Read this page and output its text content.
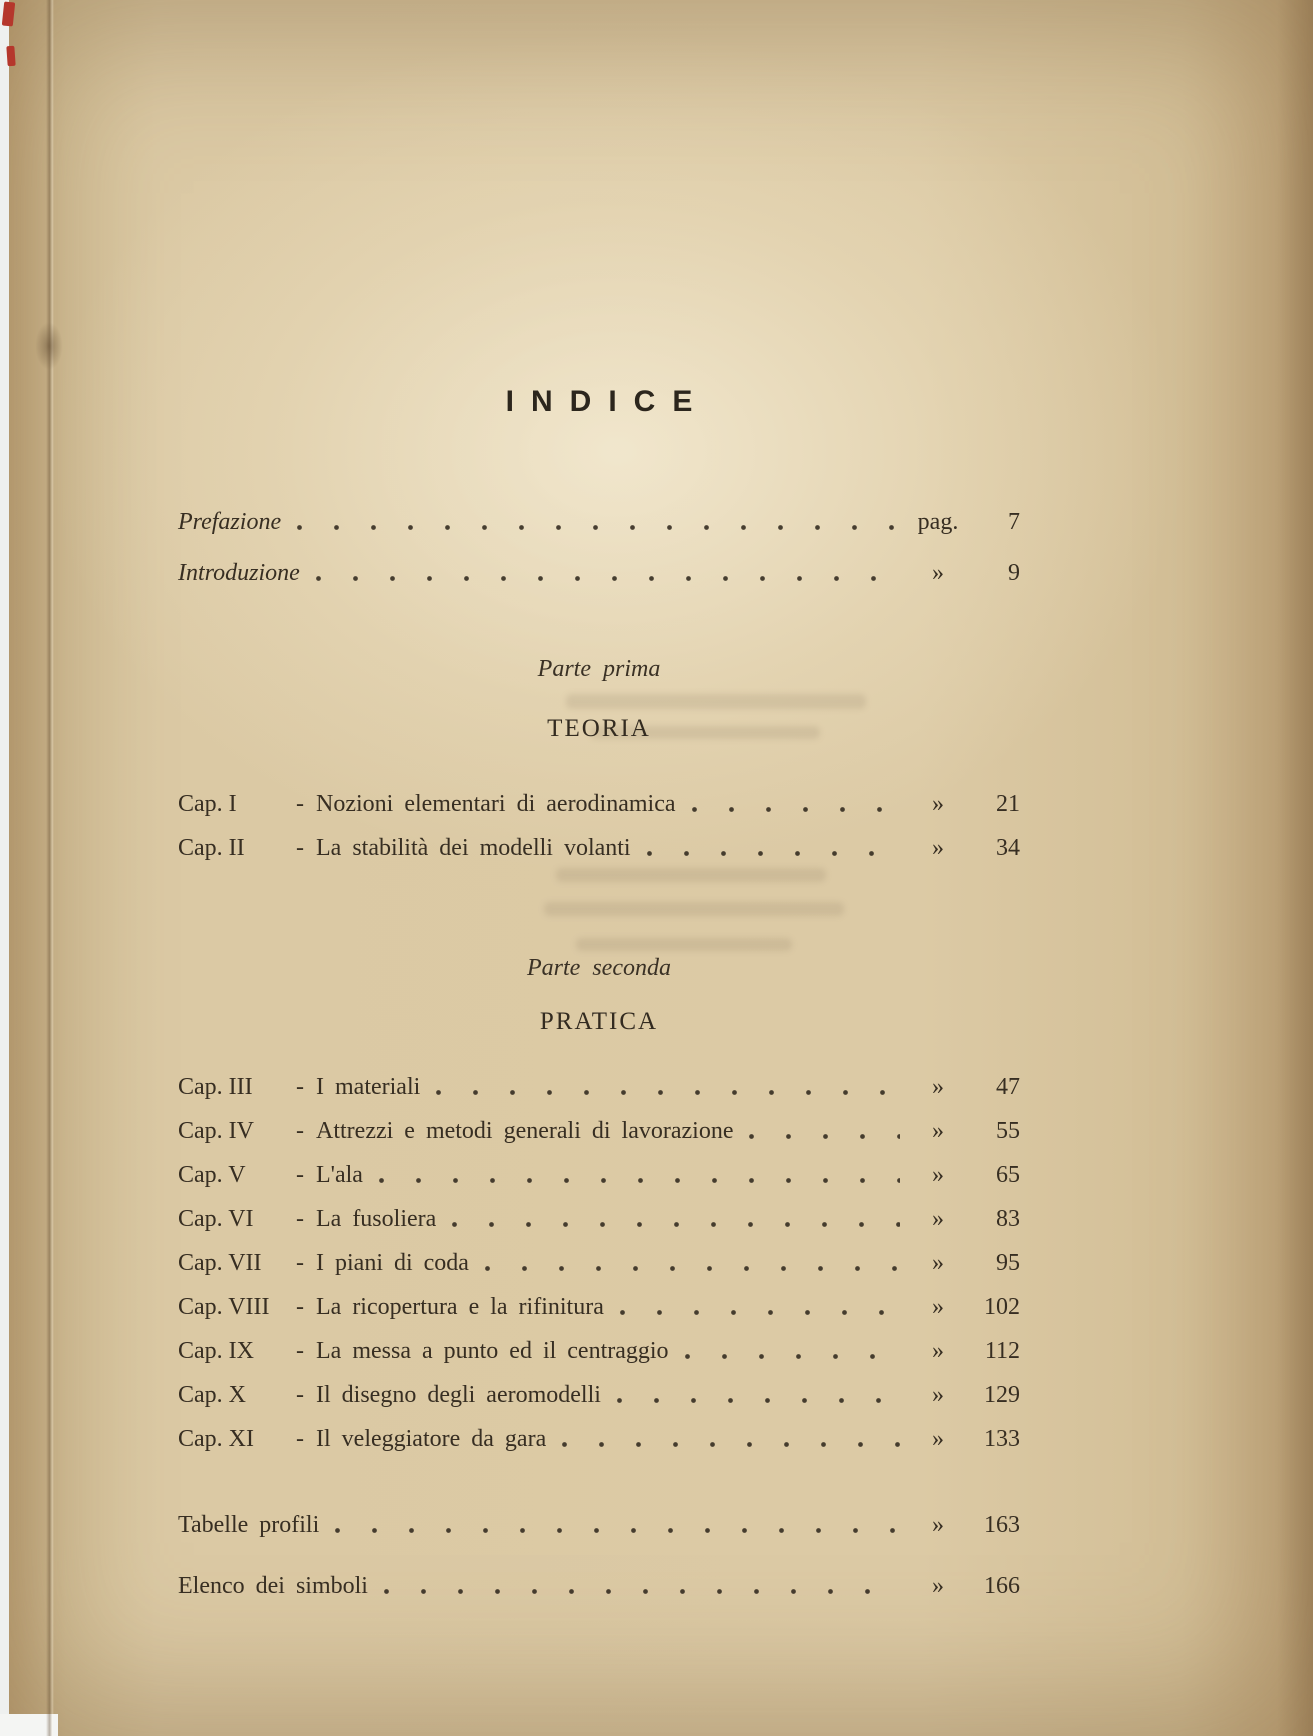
INDICE
Prefazione	pag.	7
Introduzione	»	9

Parte prima

TEORIA

Cap. I	- Nozioni elementari di aerodinamica	»	21
Cap. II	- La stabilità dei modelli volanti	»	34

Parte seconda

PRATICA

Cap. III	- I materiali	»	47
Cap. IV	- Attrezzi e metodi generali di lavorazione	»	55
Cap. V	- L'ala	»	65
Cap. VI	- La fusoliera	»	83
Cap. VII	- I piani di coda	»	95
Cap. VIII	- La ricopertura e la rifinitura	»	102
Cap. IX	- La messa a punto ed il centraggio	»	112
Cap. X	- Il disegno degli aeromodelli	»	129
Cap. XI	- Il veleggiatore da gara	»	133
Tabelle profili	»	163
Elenco dei simboli	»	166
